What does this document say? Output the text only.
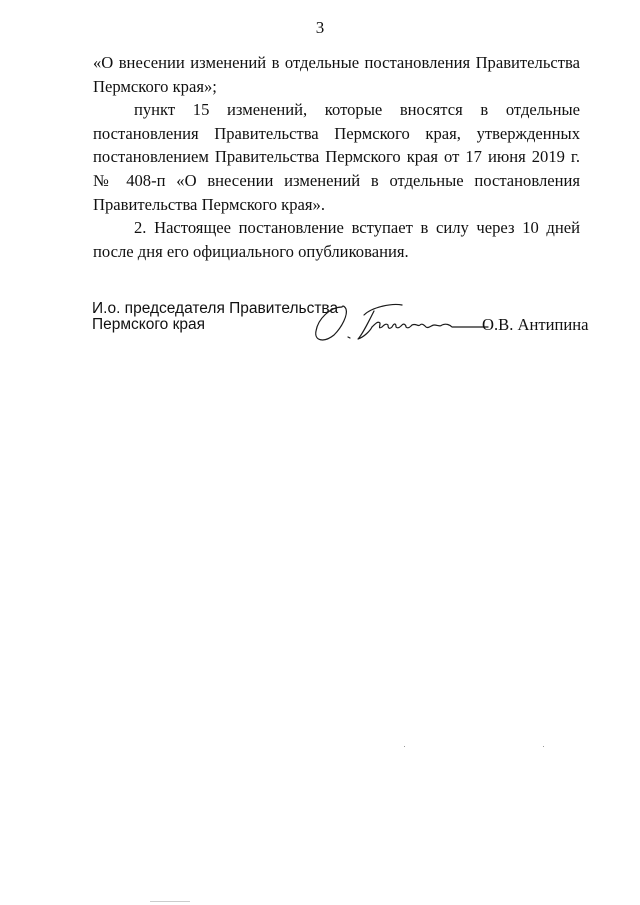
3

«О внесении изменений в отдельные постановления Правительства Пермского края»;

пункт 15 изменений, которые вносятся в отдельные постановления Правительства Пермского края, утвержденных постановлением Правительства Пермского края от 17 июня 2019 г. № 408-п «О внесении изменений в отдельные постановления Правительства Пермского края».

2. Настоящее постановление вступает в силу через 10 дней после дня его официального опубликования.

И.о. председателя Правительства
Пермского края	О.В. Антипина
